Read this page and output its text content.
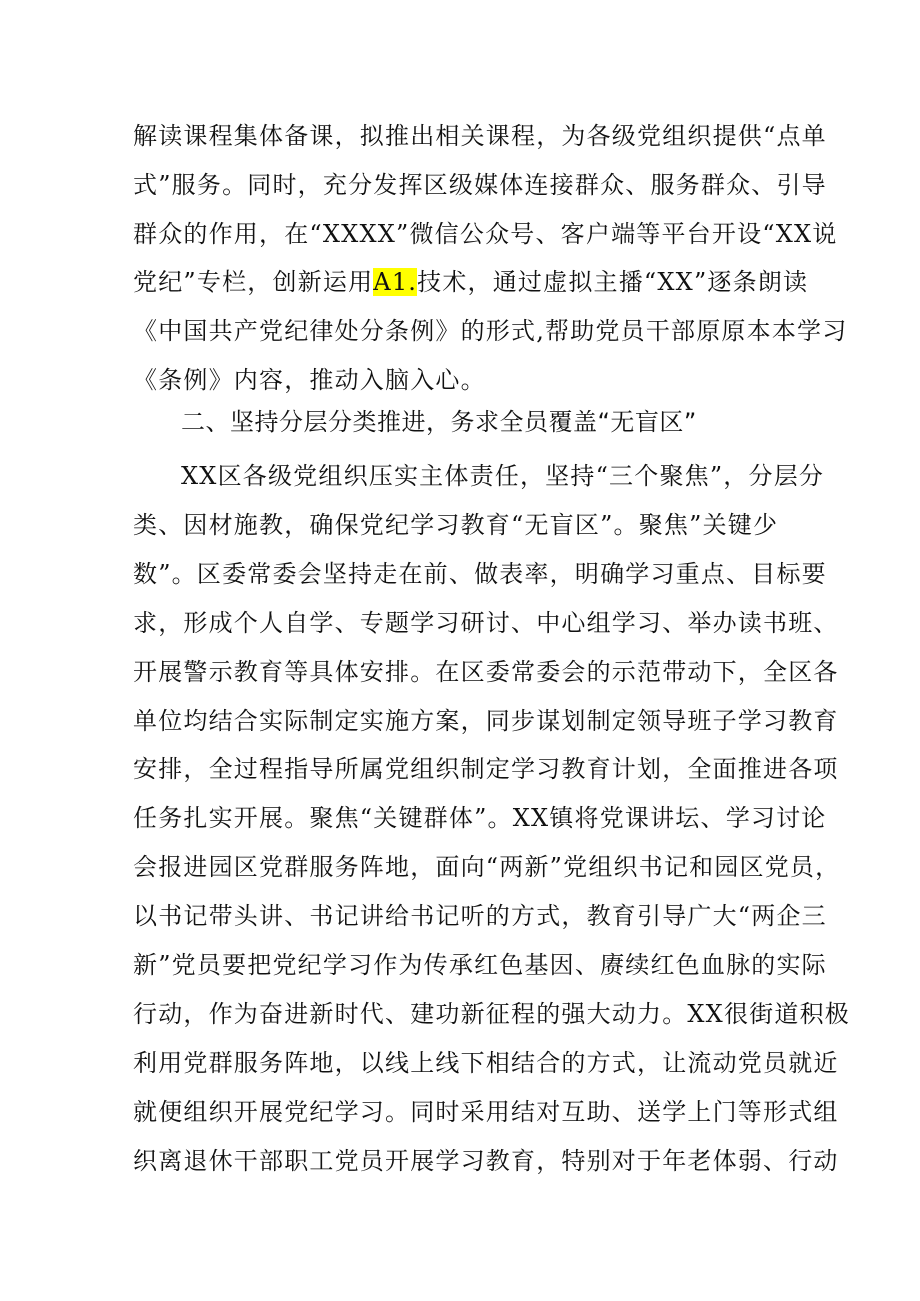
解读课程集体备课，拟推出相关课程，为各级党组织提供“点单
式”服务。同时，充分发挥区级媒体连接群众、服务群众、引导
群众的作用，在“XXXX”微信公众号、客户端等平台开设“XX说
党纪”专栏，创新运用A1.技术，通过虚拟主播“XX”逐条朗读
《中国共产党纪律处分条例》的形式,帮助党员干部原原本本学习
《条例》内容，推动入脑入心。

二、坚持分层分类推进，务求全员覆盖“无盲区”

XX区各级党组织压实主体责任，坚持“三个聚焦”，分层分
类、因材施教，确保党纪学习教育“无盲区”。聚焦”关键少
数”。区委常委会坚持走在前、做表率，明确学习重点、目标要
求，形成个人自学、专题学习研讨、中心组学习、举办读书班、
开展警示教育等具体安排。在区委常委会的示范带动下，全区各
单位均结合实际制定实施方案，同步谋划制定领导班子学习教育
安排，全过程指导所属党组织制定学习教育计划，全面推进各项
任务扎实开展。聚焦“关键群体”。XX镇将党课讲坛、学习讨论
会报进园区党群服务阵地，面向“两新”党组织书记和园区党员，
以书记带头讲、书记讲给书记听的方式，教育引导广大“两企三
新”党员要把党纪学习作为传承红色基因、赓续红色血脉的实际
行动，作为奋进新时代、建功新征程的强大动力。XX很街道积极
利用党群服务阵地，以线上线下相结合的方式，让流动党员就近
就便组织开展党纪学习。同时采用结对互助、送学上门等形式组
织离退休干部职工党员开展学习教育，特别对于年老体弱、行动
